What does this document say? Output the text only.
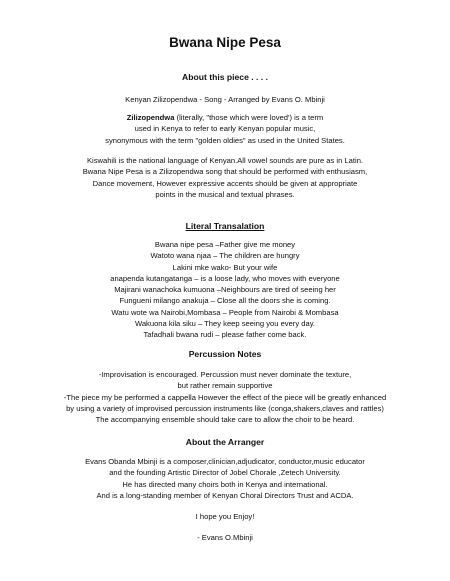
Bwana Nipe Pesa
About this piece . . . .
Kenyan Zilizopendwa - Song - Arranged by Evans O. Mbinji
Zilizopendwa (literally, "those which were loved') is a term
used in Kenya to refer to early Kenyan popular music,
synonymous with the term "golden oldies" as used in the United States.
Kiswahili is the national language of Kenyan.All vowel sounds are pure as in Latin.
Bwana Nipe Pesa is a Zilizopendwa song that should be performed with enthusiasm,
Dance movement, However expressive accents should be given at appropriate
points in the musical and textual phrases.
Literal Transalation
Bwana nipe pesa –Father give me money
Watoto wana njaa – The children are hungry
Lakini mke wako- But your wife
anapenda kutangatanga – is a loose lady, who moves with everyone
Majirani wanachoka kumuona –Neighbours are tired of seeing her
Fungueni milango anakuja – Close all the doors she is coming.
Watu wote wa Nairobi,Mombasa – People from Nairobi & Mombasa
Wakuona kila siku – They keep seeing you every day.
Tafadhali bwana rudi – please father come back.
Percussion Notes
-Improvisation is encouraged. Percussion must never dominate the texture,
but rather remain supportive
-The piece my be performed a cappella However the effect of the piece will be greatly enhanced
by using a variety of improvised percussion instruments like (conga,shakers,claves and rattles)
The accompanying ensemble should take care to allow the choir to be heard.
About the Arranger
Evans Obanda Mbinji is a composer,clinician,adjudicator, conductor,music educator
and the founding Artistic Director of Jobel Chorale ,Zetech University.
He has directed many choirs both in Kenya and international.
And is a long-standing member of Kenyan Choral Directors Trust and ACDA.
I hope you Enjoy!
- Evans O.Mbinji
